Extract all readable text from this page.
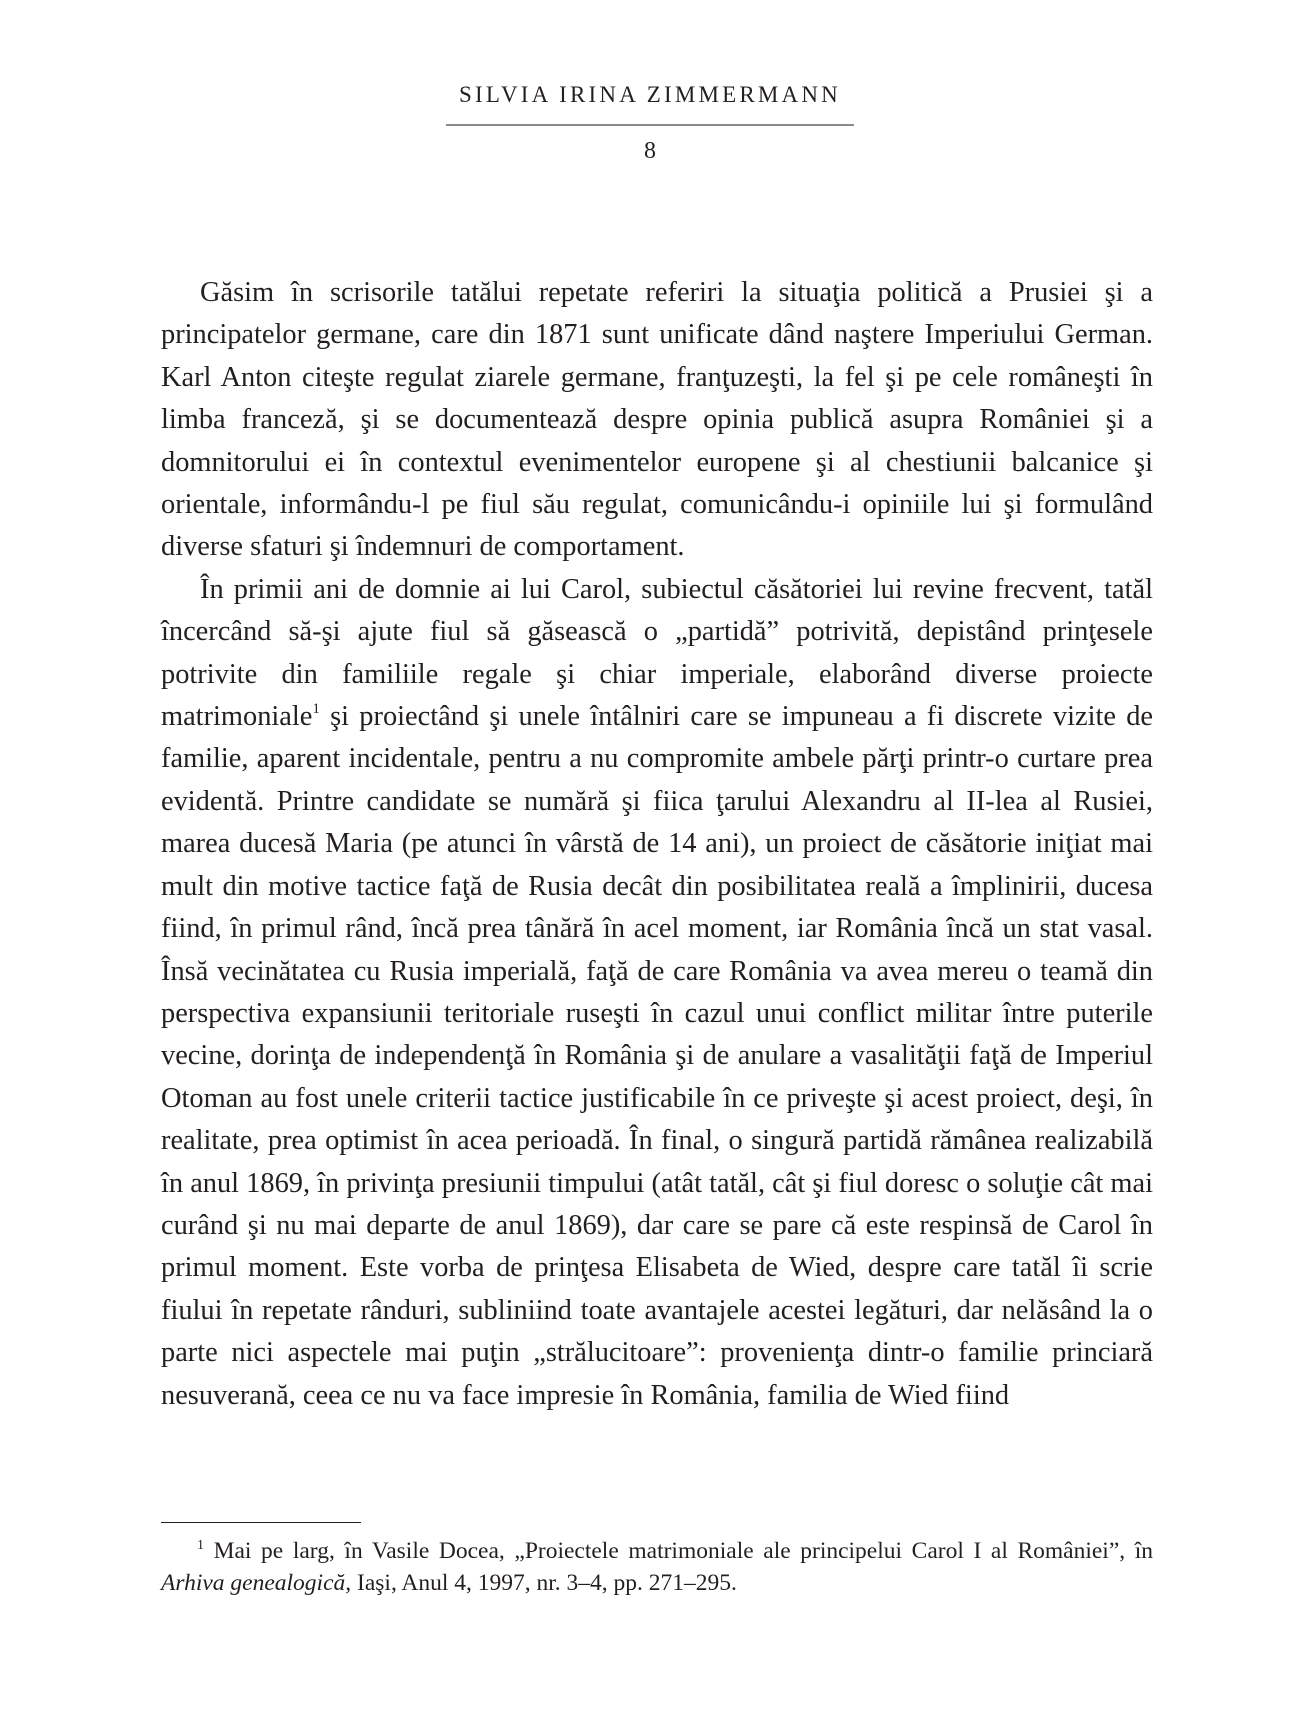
SILVIA IRINA ZIMMERMANN
8

Găsim în scrisorile tatălui repetate referiri la situaţia politică a Prusiei şi a principatelor germane, care din 1871 sunt unificate dând naştere Imperiului German. Karl Anton citeşte regulat ziarele germane, franţuzeşti, la fel şi pe cele româneşti în limba franceză, şi se documentează despre opinia publică asupra României şi a domnitorului ei în contextul evenimentelor europene şi al chestiunii balcanice şi orientale, informându-l pe fiul său regulat, comunicându-i opiniile lui şi formulând diverse sfaturi şi îndemnuri de comportament.

În primii ani de domnie ai lui Carol, subiectul căsătoriei lui revine frecvent, tatăl încercând să-şi ajute fiul să găsească o „partidă” potrivită, depistând prinţesele potrivite din familiile regale şi chiar imperiale, elaborând diverse proiecte matrimoniale$^1$ şi proiectând şi unele întâlniri care se impuneau a fi discrete vizite de familie, aparent incidentale, pentru a nu compromite ambele părţi printr-o curtare prea evidentă. Printre candidate se numără şi fiica ţarului Alexandru al II-lea al Rusiei, marea ducesă Maria (pe atunci în vârstă de 14 ani), un proiect de căsătorie iniţiat mai mult din motive tactice faţă de Rusia decât din posibilitatea reală a împlinirii, ducesa fiind, în primul rând, încă prea tânără în acel moment, iar România încă un stat vasal. Însă vecinătatea cu Rusia imperială, faţă de care România va avea mereu o teamă din perspectiva expansiunii teritoriale ruseşti în cazul unui conflict militar între puterile vecine, dorinţa de independenţă în România şi de anulare a vasalităţii faţă de Imperiul Otoman au fost unele criterii tactice justificabile în ce priveşte şi acest proiect, deşi, în realitate, prea optimist în acea perioadă. În final, o singură partidă rămânea realizabilă în anul 1869, în privinţa presiunii timpului (atât tatăl, cât şi fiul doresc o soluţie cât mai curând şi nu mai departe de anul 1869), dar care se pare că este respinsă de Carol în primul moment. Este vorba de prinţesa Elisabeta de Wied, despre care tatăl îi scrie fiului în repetate rânduri, subliniind toate avantajele acestei legături, dar nelăsând la o parte nici aspectele mai puţin „strălucitoare”: provenienţa dintr-o familie princiară nesuverană, ceea ce nu va face impresie în România, familia de Wied fiind

$^1$ Mai pe larg, în Vasile Docea, „Proiectele matrimoniale ale principelui Carol I al României”, în Arhiva genealogică, Iaşi, Anul 4, 1997, nr. 3–4, pp. 271–295.
